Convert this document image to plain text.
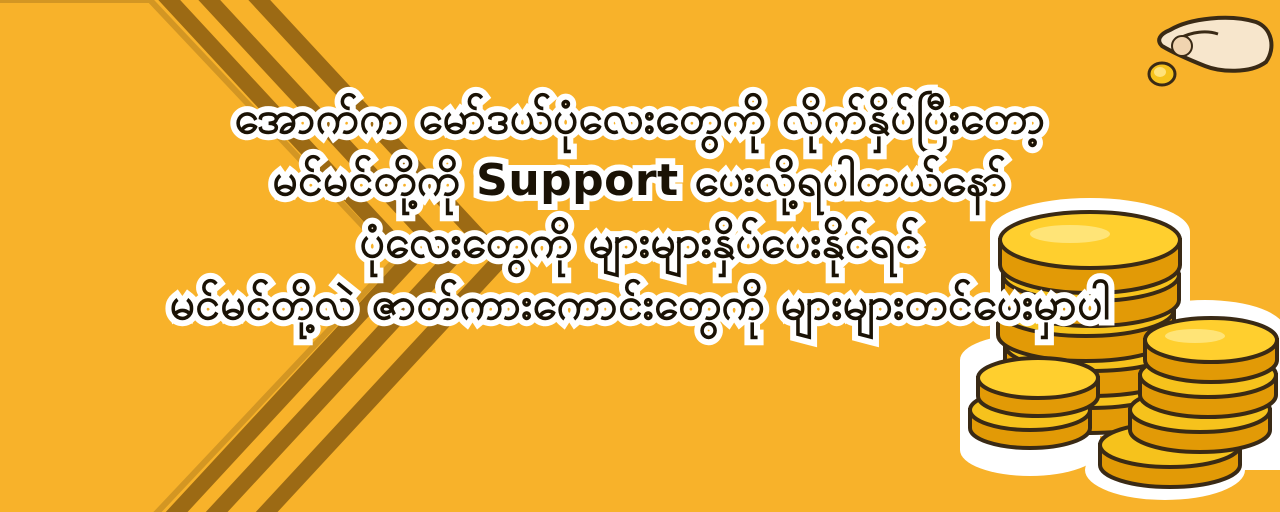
အောက်က မော်ဒယ်ပုံလေးတွေကို လိုက်နှိပ်ပြီးတော့
မင်မင်တို့ကို Support ပေးလို့ရပါတယ်နော်
ပုံလေးတွေကို များများနှိပ်ပေးနိုင်ရင်
မင်မင်တို့လဲ ဇာတ်ကားကောင်းတွေကို များများတင်ပေးမှာပါ
